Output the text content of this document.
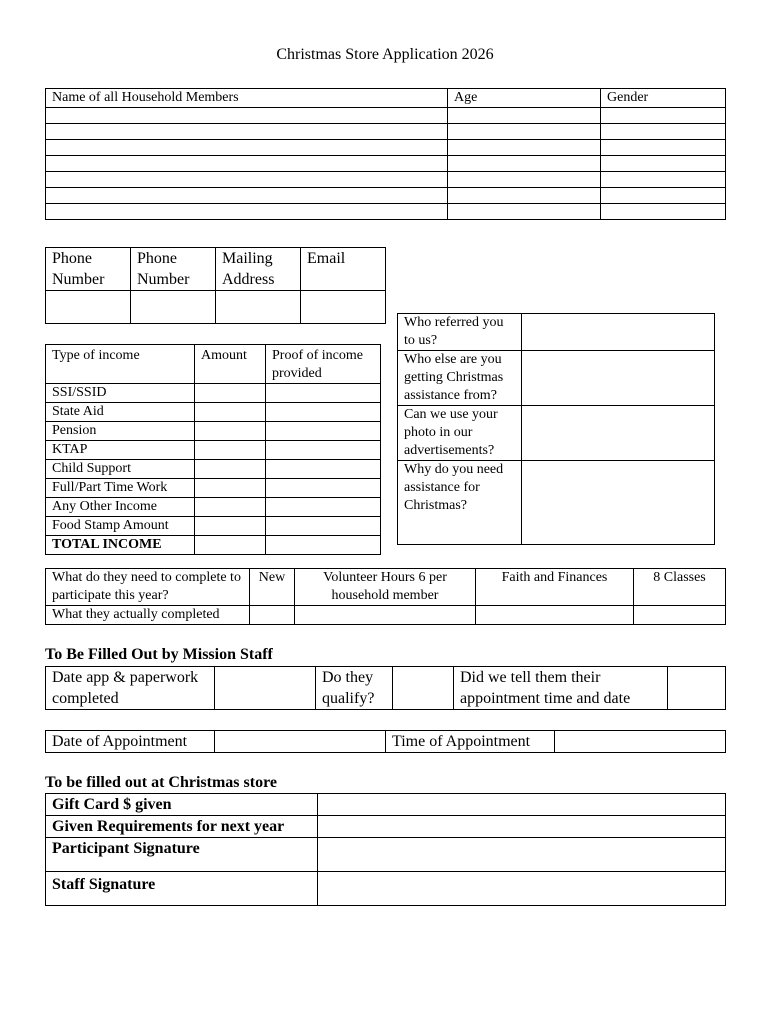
Christmas Store Application 2026
Name of all Household Members	Age	Gender

Phone Number	Phone Number	Mailing Address	Email

Type of income	Amount	Proof of income provided
SSI/SSID		
State Aid		
Pension		
KTAP		
Child Support		
Full/Part Time Work		
Any Other Income		
Food Stamp Amount		
TOTAL INCOME		
Who referred you to us?	
Who else are you getting Christmas assistance from?	
Can we use your photo in our advertisements?	
Why do you need assistance for Christmas?	
What do they need to complete to participate this year?	New	Volunteer Hours 6 per household member	Faith and Finances	8 Classes
What they actually completed				
To Be Filled Out by Mission Staff
Date app & paperwork completed		Do they qualify?		Did we tell them their appointment time and date	
Date of Appointment		Time of Appointment	
To be filled out at Christmas store
Gift Card $ given	
Given Requirements for next year	
Participant Signature	
Staff Signature	
